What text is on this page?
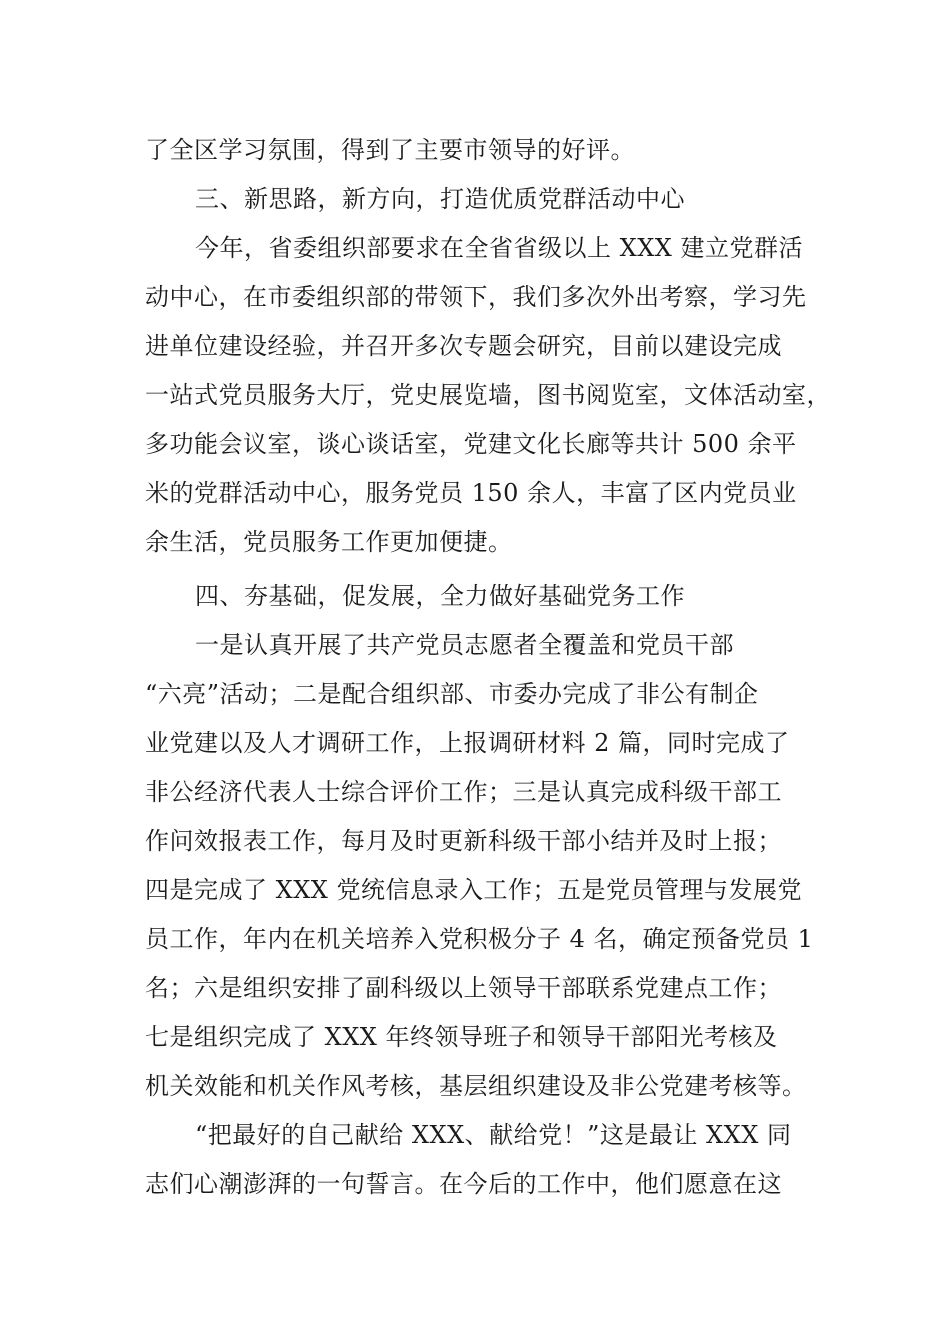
了全区学习氛围，得到了主要市领导的好评。
三、新思路，新方向，打造优质党群活动中心
今年，省委组织部要求在全省省级以上 XXX 建立党群活
动中心，在市委组织部的带领下，我们多次外出考察，学习先
进单位建设经验，并召开多次专题会研究，目前以建设完成
一站式党员服务大厅，党史展览墙，图书阅览室，文体活动室，
多功能会议室，谈心谈话室，党建文化长廊等共计 500 余平
米的党群活动中心，服务党员 150 余人，丰富了区内党员业
余生活，党员服务工作更加便捷。
四、夯基础，促发展，全力做好基础党务工作
一是认真开展了共产党员志愿者全覆盖和党员干部
“六亮”活动；二是配合组织部、市委办完成了非公有制企
业党建以及人才调研工作，上报调研材料 2 篇，同时完成了
非公经济代表人士综合评价工作；三是认真完成科级干部工
作问效报表工作，每月及时更新科级干部小结并及时上报；
四是完成了 XXX 党统信息录入工作；五是党员管理与发展党
员工作，年内在机关培养入党积极分子 4 名，确定预备党员 1
名；六是组织安排了副科级以上领导干部联系党建点工作；
七是组织完成了 XXX 年终领导班子和领导干部阳光考核及
机关效能和机关作风考核，基层组织建设及非公党建考核等。
“把最好的自己献给 XXX、献给党！”这是最让 XXX 同
志们心潮澎湃的一句誓言。在今后的工作中，他们愿意在这
